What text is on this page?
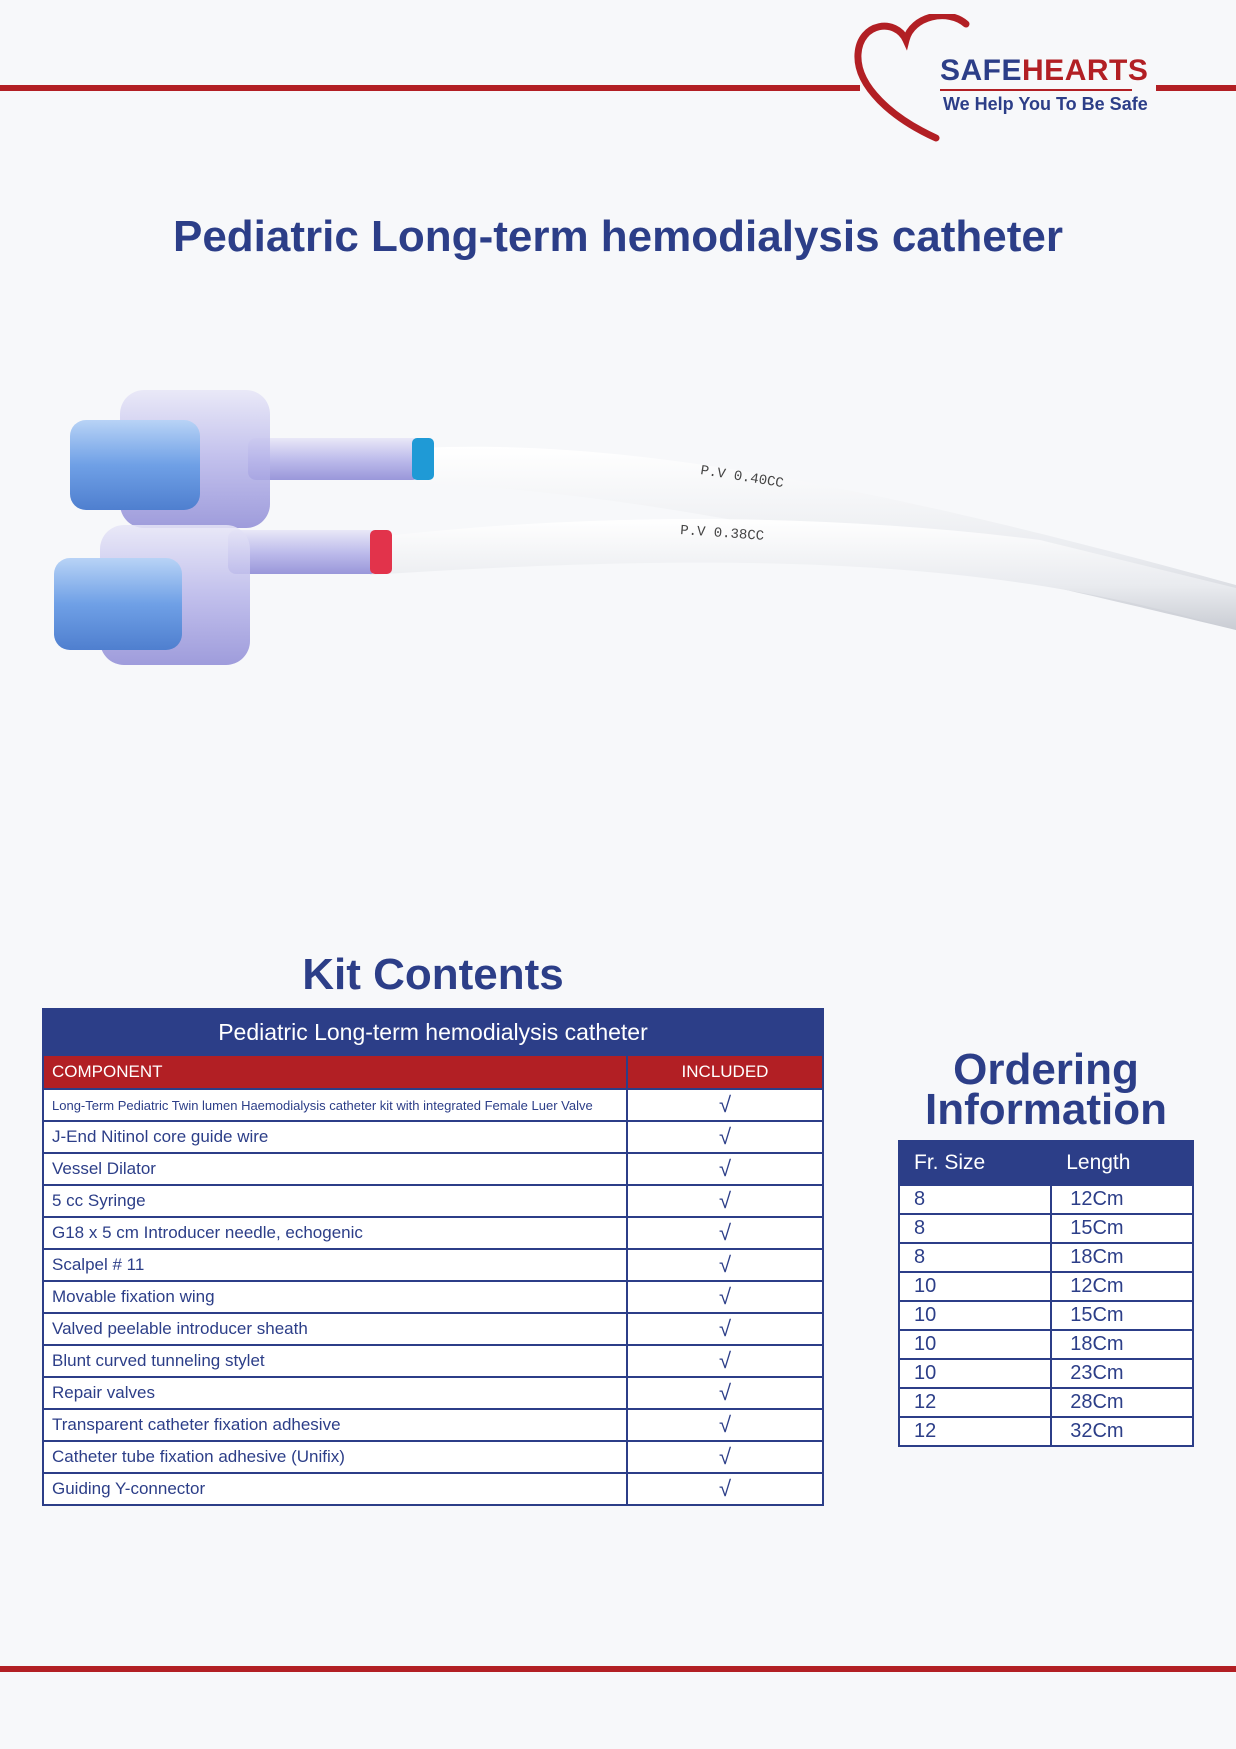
SAFEHEARTS
We Help You To Be Safe
Pediatric Long-term hemodialysis catheter
P.V 0.40CC
P.V 0.38CC
Kit Contents
Pediatric Long-term hemodialysis catheter	
COMPONENT	INCLUDED
Long-Term Pediatric Twin lumen Haemodialysis catheter kit with integrated Female Luer Valve	√
J-End Nitinol core guide wire	√
Vessel Dilator	√
5 cc Syringe	√
G18 x 5 cm Introducer needle, echogenic	√
Scalpel # 11	√
Movable fixation wing	√
Valved peelable introducer sheath	√
Blunt curved tunneling stylet	√
Repair valves	√
Transparent catheter fixation adhesive	√
Catheter tube fixation adhesive (Unifix)	√
Guiding Y-connector	√
Ordering
Information
Fr. Size	Length
8	12Cm
8	15Cm
8	18Cm
10	12Cm
10	15Cm
10	18Cm
10	23Cm
12	28Cm
12	32Cm
